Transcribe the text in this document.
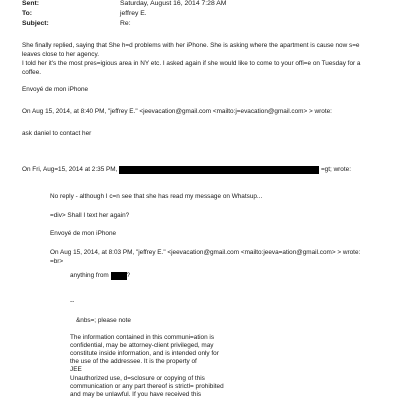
Sent:	Saturday, August 16, 2014 7:28 AM
To:	jeffrey E.
Subject:	Re:
She finally replied, saying that She h=d problems with her iPhone. She is asking where the apartment is cause now s=e
leaves close to her agency.
I told her it's the most pres=igious area in NY etc. I asked again if she would like to come to your offi=e on Tuesday for a
coffee.
Envoyé de mon iPhone
On Aug 15, 2014, at 8:40 PM, "jeffrey E." <jeevacation@gmail.com <mailto:j=evacation@gmail.com> > wrote:
ask daniel to contact her
On Fri, Aug=15, 2014 at 2:35 PM,	=gt; wrote:
No reply - although I c=n see that she has read my message on Whatsup...
=div> Shall I text her again?
Envoyé de mon iPhone
On Aug 15, 2014, at 8:03 PM, "jeffrey E." <jeevacation@gmail.com <mailto:jeeva=ation@gmail.com> > wrote:
=br>
anything from	?
--
&nbs=; please note
The information contained in this communi=ation is
confidential, may be attorney-client privileged, may
constitute inside information, and is intended only for
the use of the addressee. It is the property of
JEE
Unauthorized use, d=sclosure or copying of this
communication or any part thereof is strictl= prohibited
and may be unlawful. If you have received this
